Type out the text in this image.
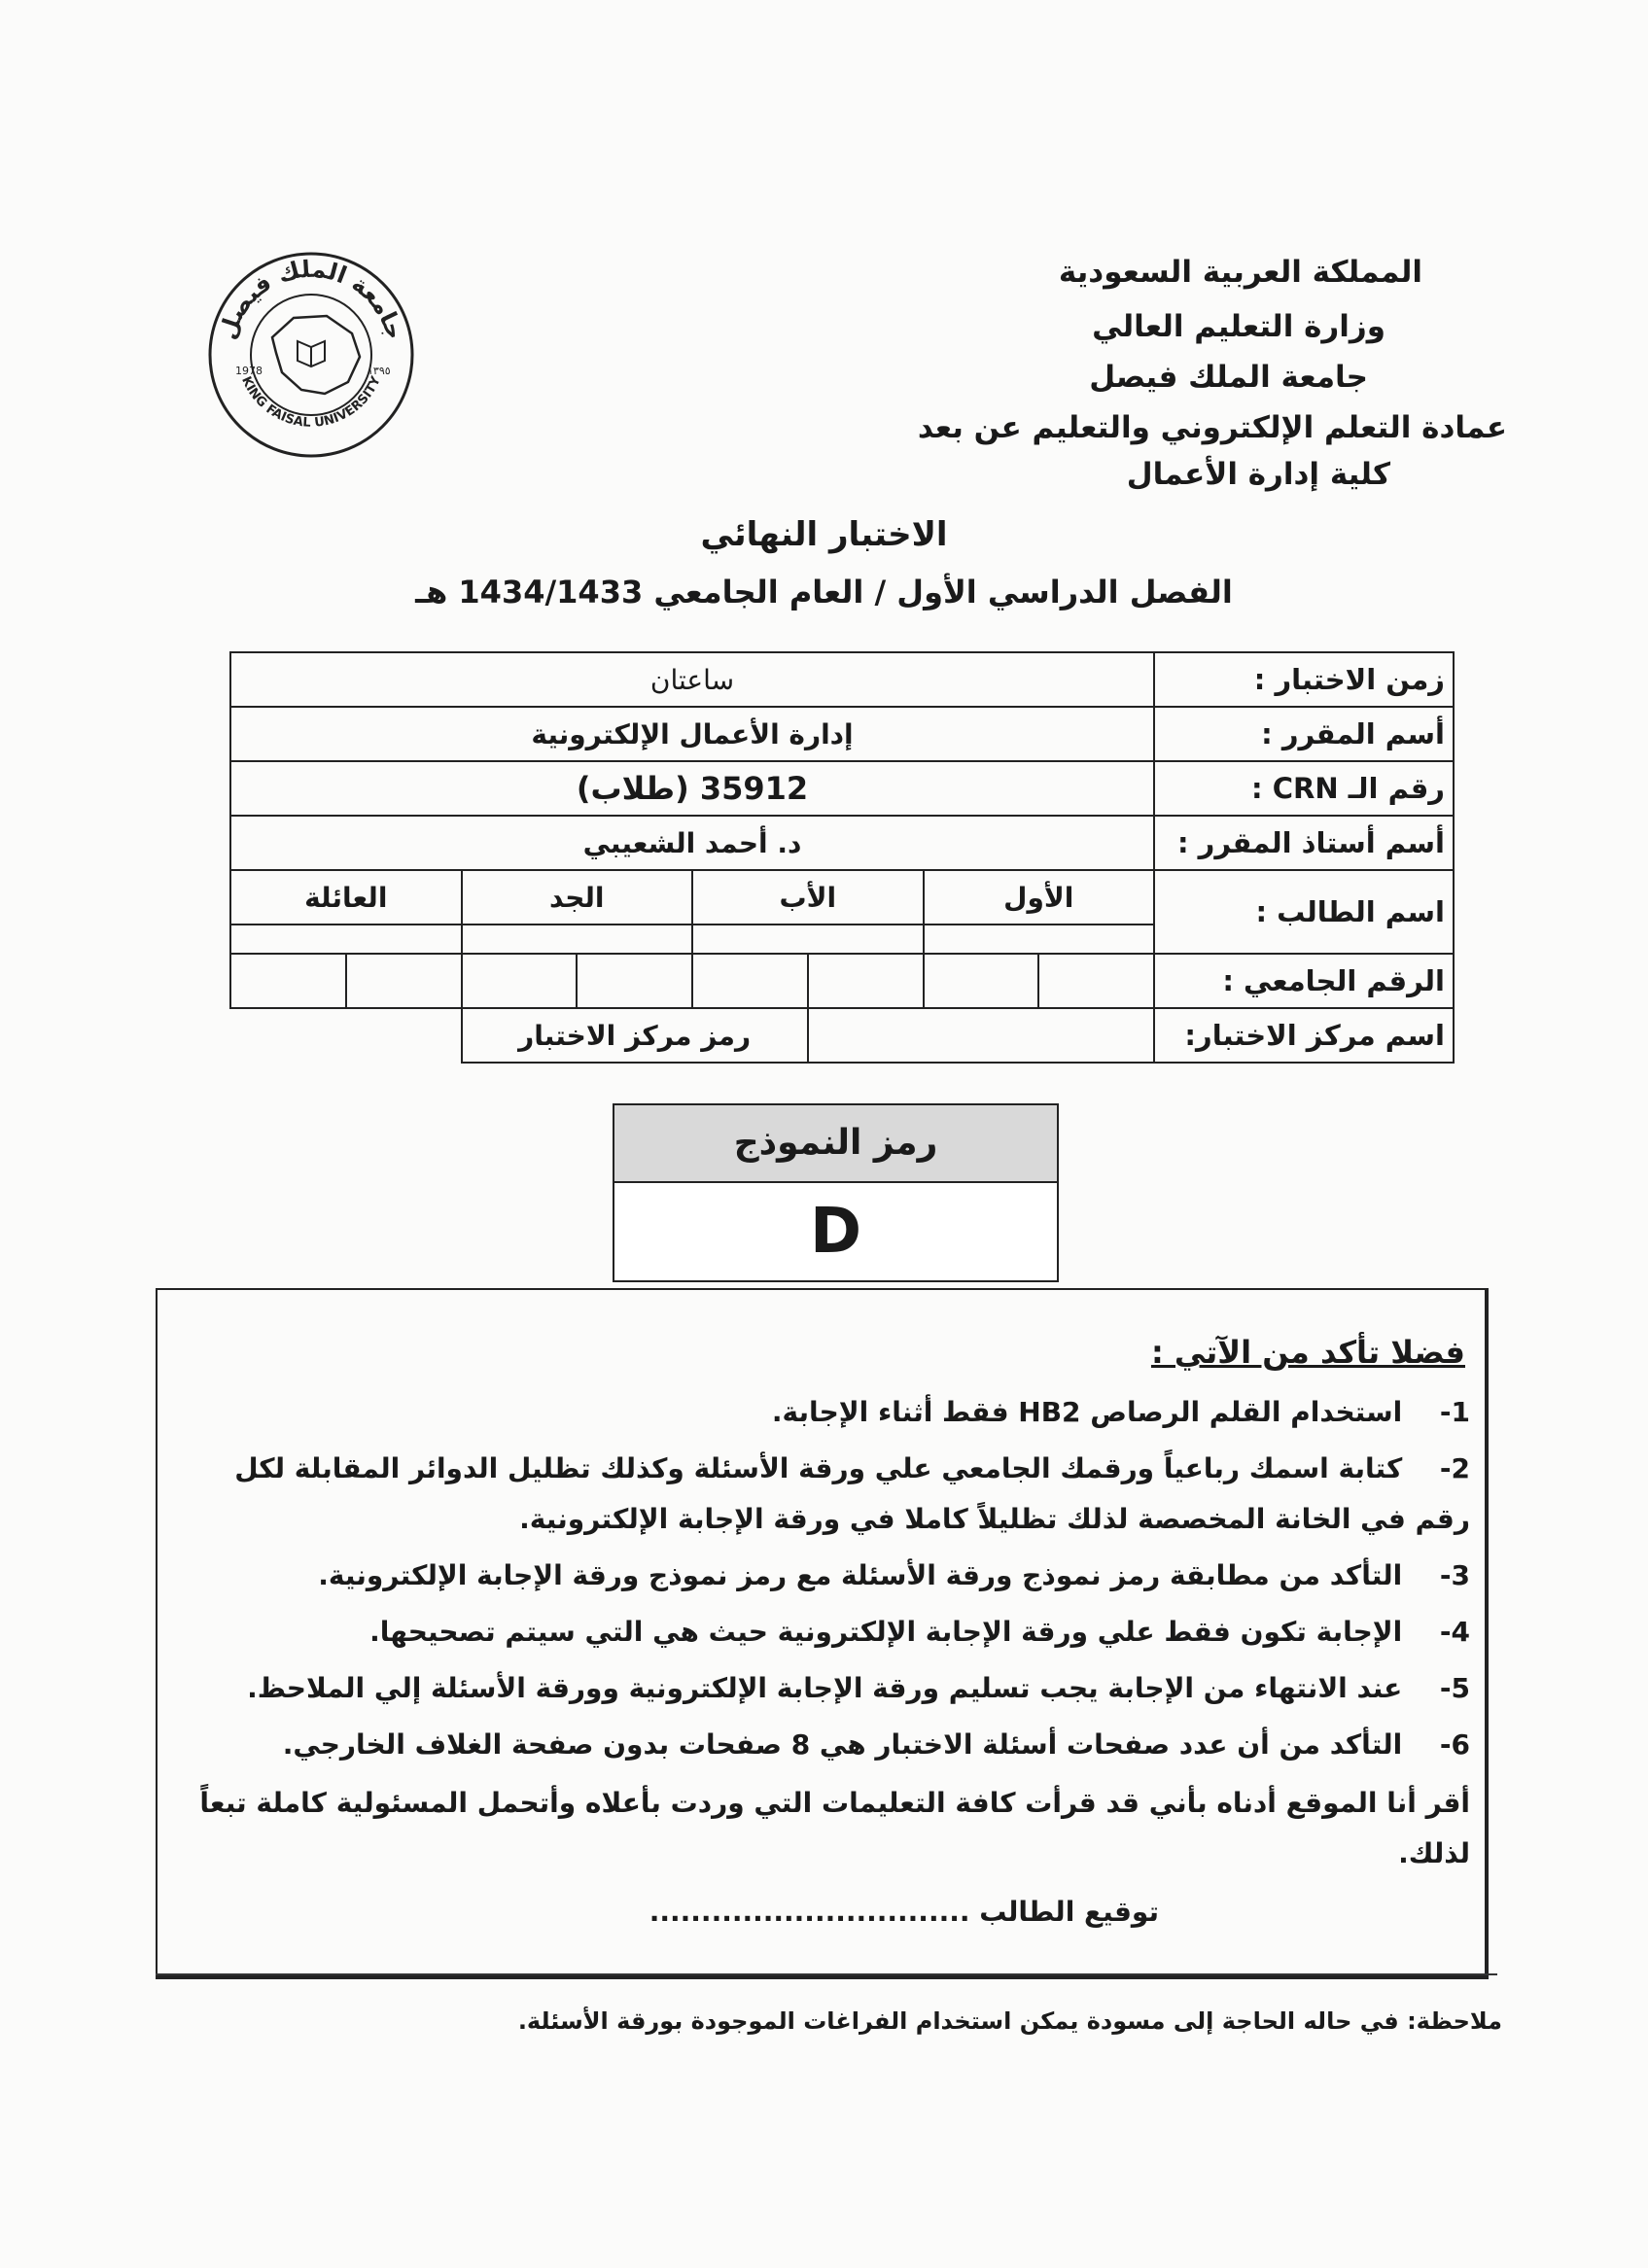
المملكة العربية السعودية
وزارة التعليم العالي
جامعة الملك فيصل
عمادة التعلم الإلكتروني والتعليم عن بعد
كلية إدارة الأعمال
جامعة الملك فيصل
KING FAISAL UNIVERSITY
1978	١٣٩٥
الاختبار النهائي
الفصل الدراسي الأول / العام الجامعي 1434/1433 هـ
زمن الاختبار :	ساعتان							
أسم المقرر :	إدارة الأعمال الإلكترونية							
رقم الـ CRN :	35912 (طلاب)							
أسم أستاذ المقرر :	د. أحمد الشعيبي							
اسم الطالب :	الأول		الأب		الجد		العائلة	

الرقم الجامعي :								
اسم مركز الاختبار:				رمز مركز الاختبار				
رمز النموذج
D
فضلا تأكد من الآتي :
1- استخدام القلم الرصاص HB2 فقط أثناء الإجابة.
2- كتابة اسمك رباعياً ورقمك الجامعي علي ورقة الأسئلة وكذلك تظليل الدوائر المقابلة لكل رقم في الخانة المخصصة لذلك تظليلاً كاملا في ورقة الإجابة الإلكترونية.
3- التأكد من مطابقة رمز نموذج ورقة الأسئلة مع رمز نموذج ورقة الإجابة الإلكترونية.
4- الإجابة تكون فقط علي ورقة الإجابة الإلكترونية حيث هي التي سيتم تصحيحها.
5- عند الانتهاء من الإجابة يجب تسليم ورقة الإجابة الإلكترونية وورقة الأسئلة إلي الملاحظ.
6- التأكد من أن عدد صفحات أسئلة الاختبار هي 8 صفحات بدون صفحة الغلاف الخارجي.
أقر أنا الموقع أدناه بأني قد قرأت كافة التعليمات التي وردت بأعلاه وأتحمل المسئولية كاملة تبعاً لذلك.
توقيع الطالب ...............................
ملاحظة: في حاله الحاجة إلى مسودة يمكن استخدام الفراغات الموجودة بورقة الأسئلة.
